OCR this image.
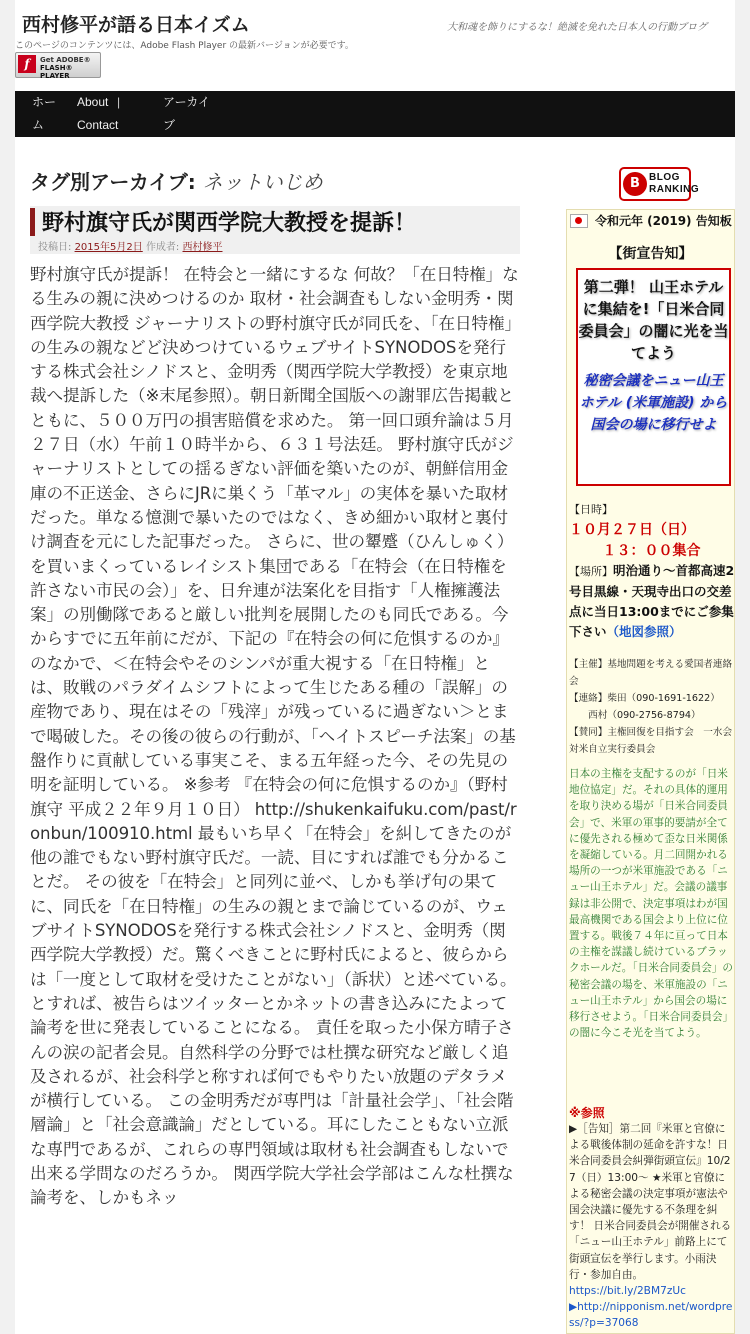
西村修平が語る日本イズム	大和魂を飾りにするな！絶滅を免れた日本人の行動ブログ
このページのコンテンツには、Adobe Flash Player の最新バージョンが必要です。
f	Get ADOBE®
FLASH® PLAYER
ホー
ム
About |
Contact
アーカイ
ブ
タグ別アーカイブ: ネットいじめ	B BLOG
RANKING
野村旗守氏が関西学院大教授を提訴！
投稿日: 2015年5月2日 作成者: 西村修平
野村旗守氏が提訴！ 在特会と一緒にするな 何故？「在日特権」なる生みの親に決めつけるのか 取材・社会調査もしない金明秀・関西学院大教授 ジャーナリストの野村旗守氏が同氏を、「在日特権」の生みの親などど決めつけているウェブサイトSYNODOSを発行する株式会社シノドスと、金明秀（関西学院大学教授）を東京地裁へ提訴した（※末尾参照）。朝日新聞全国版への謝罪広告掲載とともに、５００万円の損害賠償を求めた。 第一回口頭弁論は５月２７日（水）午前１０時半から、６３１号法廷。 野村旗守氏がジャーナリストとしての揺るぎない評価を築いたのが、朝鮮信用金庫の不正送金、さらにJRに巣くう「革マル」の実体を暴いた取材だった。単なる憶測で暴いたのではなく、きめ細かい取材と裏付け調査を元にした記事だった。 さらに、世の顰蹙（ひんしゅく）を買いまくっているレイシスト集団である「在特会（在日特権を許さない市民の会）」を、日弁連が法案化を目指す「人権擁護法案」の別働隊であると厳しい批判を展開したのも同氏である。今からすでに五年前にだが、下記の『在特会の何に危惧するのか』のなかで、＜在特会やそのシンパが重大視する「在日特権」とは、敗戦のパラダイムシフトによって生じたある種の「誤解」の産物であり、現在はその「残滓」が残っているに過ぎない＞とまで喝破した。その後の彼らの行動が、「ヘイトスピーチ法案」の基盤作りに貢献している事実こそ、まる五年経った今、その先見の明を証明している。 ※参考 『在特会の何に危惧するのか』（野村旗守 平成２２年９月１０日） http://shukenkaifuku.com/past/ronbun/100910.html 最もいち早く「在特会」を糾してきたのが他の誰でもない野村旗守氏だ。一読、目にすれば誰でも分かることだ。 その彼を「在特会」と同列に並べ、しかも挙げ句の果てに、同氏を「在日特権」の生みの親とまで論じているのが、ウェブサイトSYNODOSを発行する株式会社シノドスと、金明秀（関西学院大学教授）だ。驚くべきことに野村氏によると、彼らからは「一度として取材を受けたことがない」（訴状）と述べている。とすれば、被告らはツイッターとかネットの書き込みにたよって論考を世に発表していることになる。 責任を取った小保方晴子さんの涙の記者会見。自然科学の分野では杜撰な研究など厳しく追及されるが、社会科学と称すれば何でもやりたい放題のデタラメが横行している。 この金明秀だが専門は「計量社会学」、「社会階層論」と「社会意識論」だとしている。耳にしたこともない立派な専門であるが、これらの専門領域は取材も社会調査もしないで出来る学問なのだろうか。 関西学院大学社会学部はこんな杜撰な論考を、しかもネッ
令和元年 (2019) 告知板
【街宣告知】
第二弾！ 山王ホテルに集結を!「日米合同委員会」の闇に光を当てよう
秘密会議をニュー山王ホテル (米軍施設) から国会の場に移行せよ
【日時】１０月２７日（日）
１３：００集合
【場所】明治通り～首都高速2号目黒線・天現寺出口の交差点に当日13:00までにご参集下さい（地図参照）
【主催】基地問題を考える愛国者連絡会
【連絡】柴田（090-1691-1622）
　　西村（090-2756-8794）
【賛同】主権回復を目指す会　一水会　対米自立実行委員会
日本の主権を支配するのが「日米地位協定」だ。それの具体的運用を取り決める場が「日米合同委員会」で、米軍の軍事的要請が全てに優先される極めて歪な日米関係を凝縮している。月二回開かれる場所の一つが米軍施設である「ニュー山王ホテル」だ。会議の議事録は非公開で、決定事項はわが国最高機関である国会より上位に位置する。戦後７４年に亘って日本の主権を謀議し続けているブラックホールだ。「日米合同委員会」の秘密会議の場を、米軍施設の「ニュー山王ホテル」から国会の場に移行させよう。「日米合同委員会」の闇に今こそ光を当てよう。
※参照
▶［告知］第二回『米軍と官僚による戦後体制の延命を許すな！日米合同委員会糾弾街頭宣伝』10/27（日）13:00～ ★米軍と官僚による秘密会議の決定事項が憲法や国会決議に優先する不条理を糾す！ 日米合同委員会が開催される「ニュー山王ホテル」前路上にて街頭宣伝を挙行します。小雨決行・参加自由。
https://bit.ly/2BM7zUc
▶http://nipponism.net/wordpress/?p=37068
